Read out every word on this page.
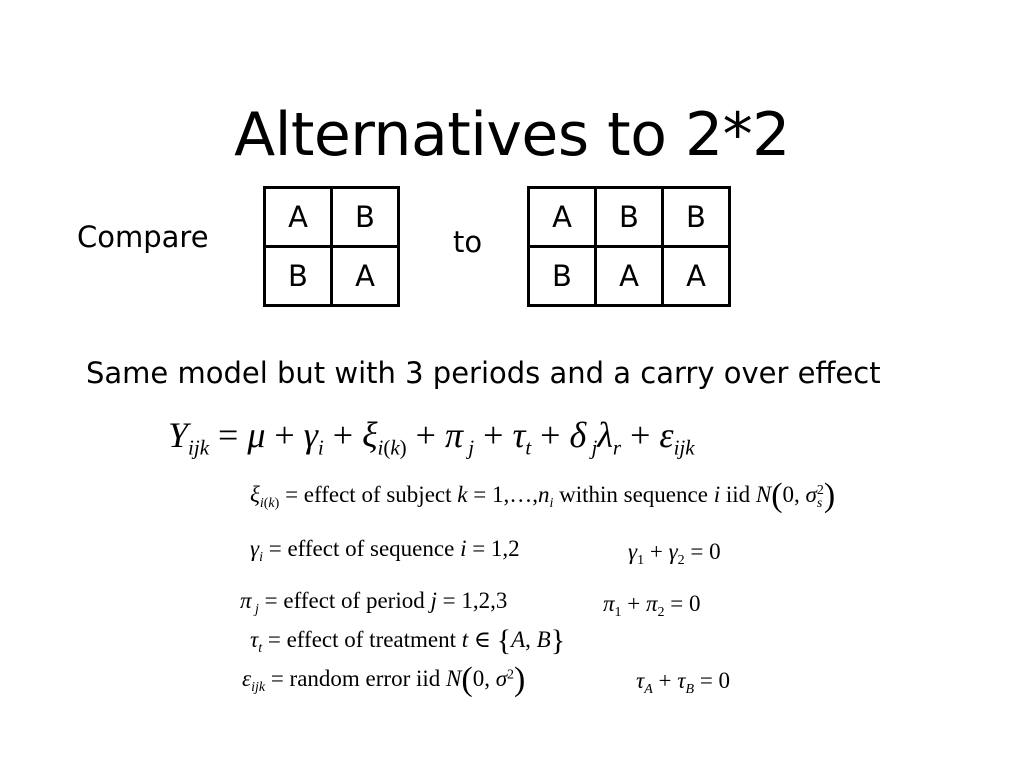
Alternatives to 2*2
Compare
A	B
B	A
to
A	B	B
B	A	A
Same model but with 3 periods and a carry over effect
$Y_{ijk} = \mu + \gamma_i + \xi_{i(k)} + \pi$ $_j + \tau_t + \delta$ $_j\lambda_r + \varepsilon_{ijk}$
$\xi_{i(k)}$ = effect of subject $k = 1,\dots,n_i$ within sequence i iid N(0, σ 2
s )
$\gamma_i$ = effect of sequence i = 1,2	$\gamma_1 + \gamma_2 = 0$
π $_j$ = effect of period j = 1,2,3	$\pi_1 + \pi_2 = 0$
$\tau_t$ = effect of treatment t ∈ {A, B}
$\varepsilon_{ijk}$ = random error iid N(0, $\sigma^2$)	$\tau_A + \tau_B = 0$
